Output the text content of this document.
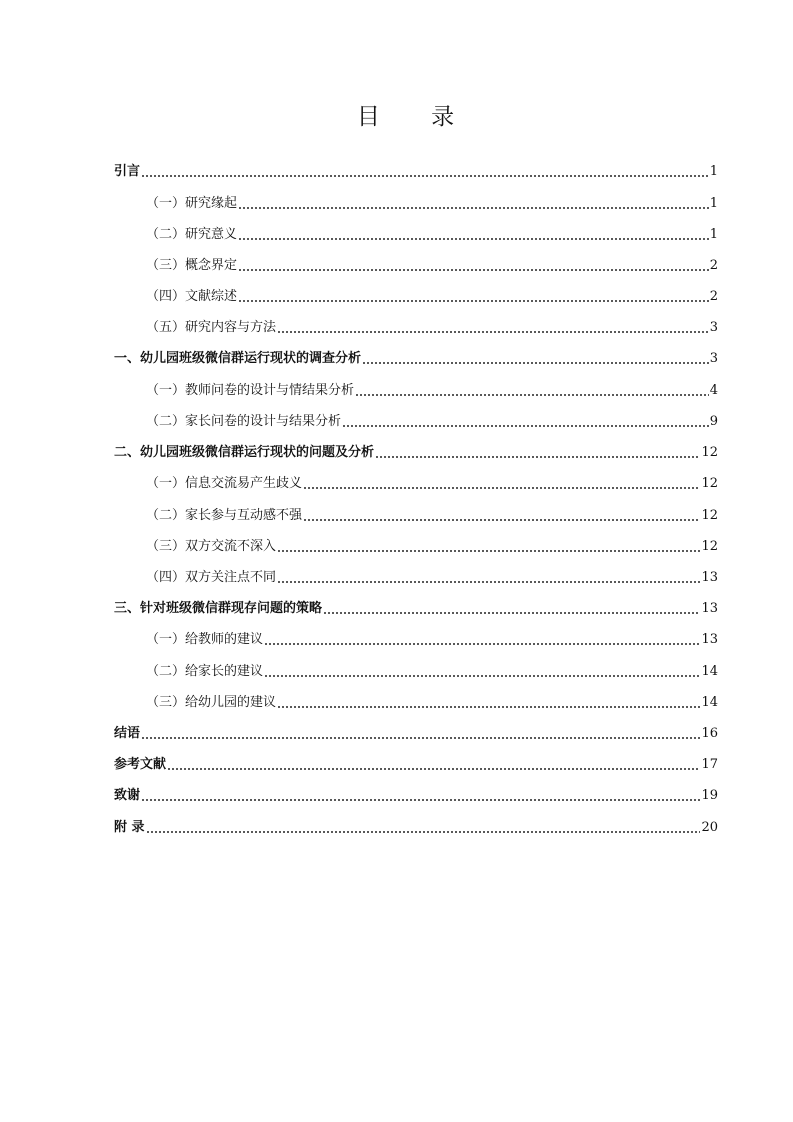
目 录
引言	1
（一）研究缘起	1
（二）研究意义	1
（三）概念界定	2
（四）文献综述	2
（五）研究内容与方法	3
一、幼儿园班级微信群运行现状的调查分析	3
（一）教师问卷的设计与情结果分析	4
（二）家长问卷的设计与结果分析	9
二、幼儿园班级微信群运行现状的问题及分析	12
（一）信息交流易产生歧义	12
（二）家长参与互动感不强	12
（三）双方交流不深入	12
（四）双方关注点不同	13
三、针对班级微信群现存问题的策略	13
（一）给教师的建议	13
（二）给家长的建议	14
（三）给幼儿园的建议	14
结语	16
参考文献	17
致谢	19
附 录	20
